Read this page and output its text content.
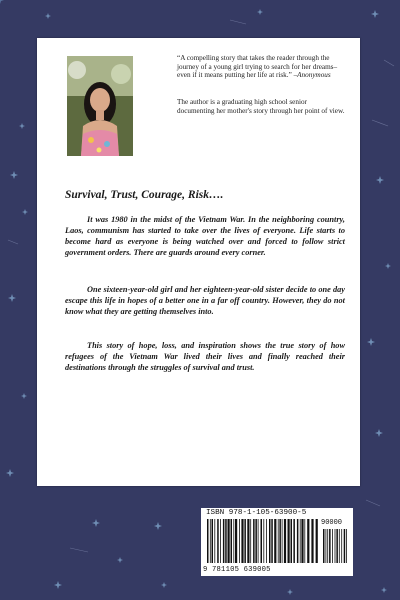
“A compelling story that takes the reader through the journey of a young girl trying to search for her dreams–even if it means putting her life at risk.” –Anonymous
The author is a graduating high school senior documenting her mother's story through her point of view.
Survival, Trust, Courage, Risk….

It was 1980 in the midst of the Vietnam War. In the neighboring country, Laos, communism has started to take over the lives of everyone. Life starts to become hard as everyone is being watched over and forced to follow strict government orders. There are guards around every corner.

One sixteen-year-old girl and her eighteen-year-old sister decide to one day escape this life in hopes of a better one in a far off country. However, they do not know what they are getting themselves into.

This story of hope, loss, and inspiration shows the true story of how refugees of the Vietnam War lived their lives and finally reached their destinations through the struggles of survival and trust.

ISBN 978-1-105-63900-5
90000
9 781105 639005
